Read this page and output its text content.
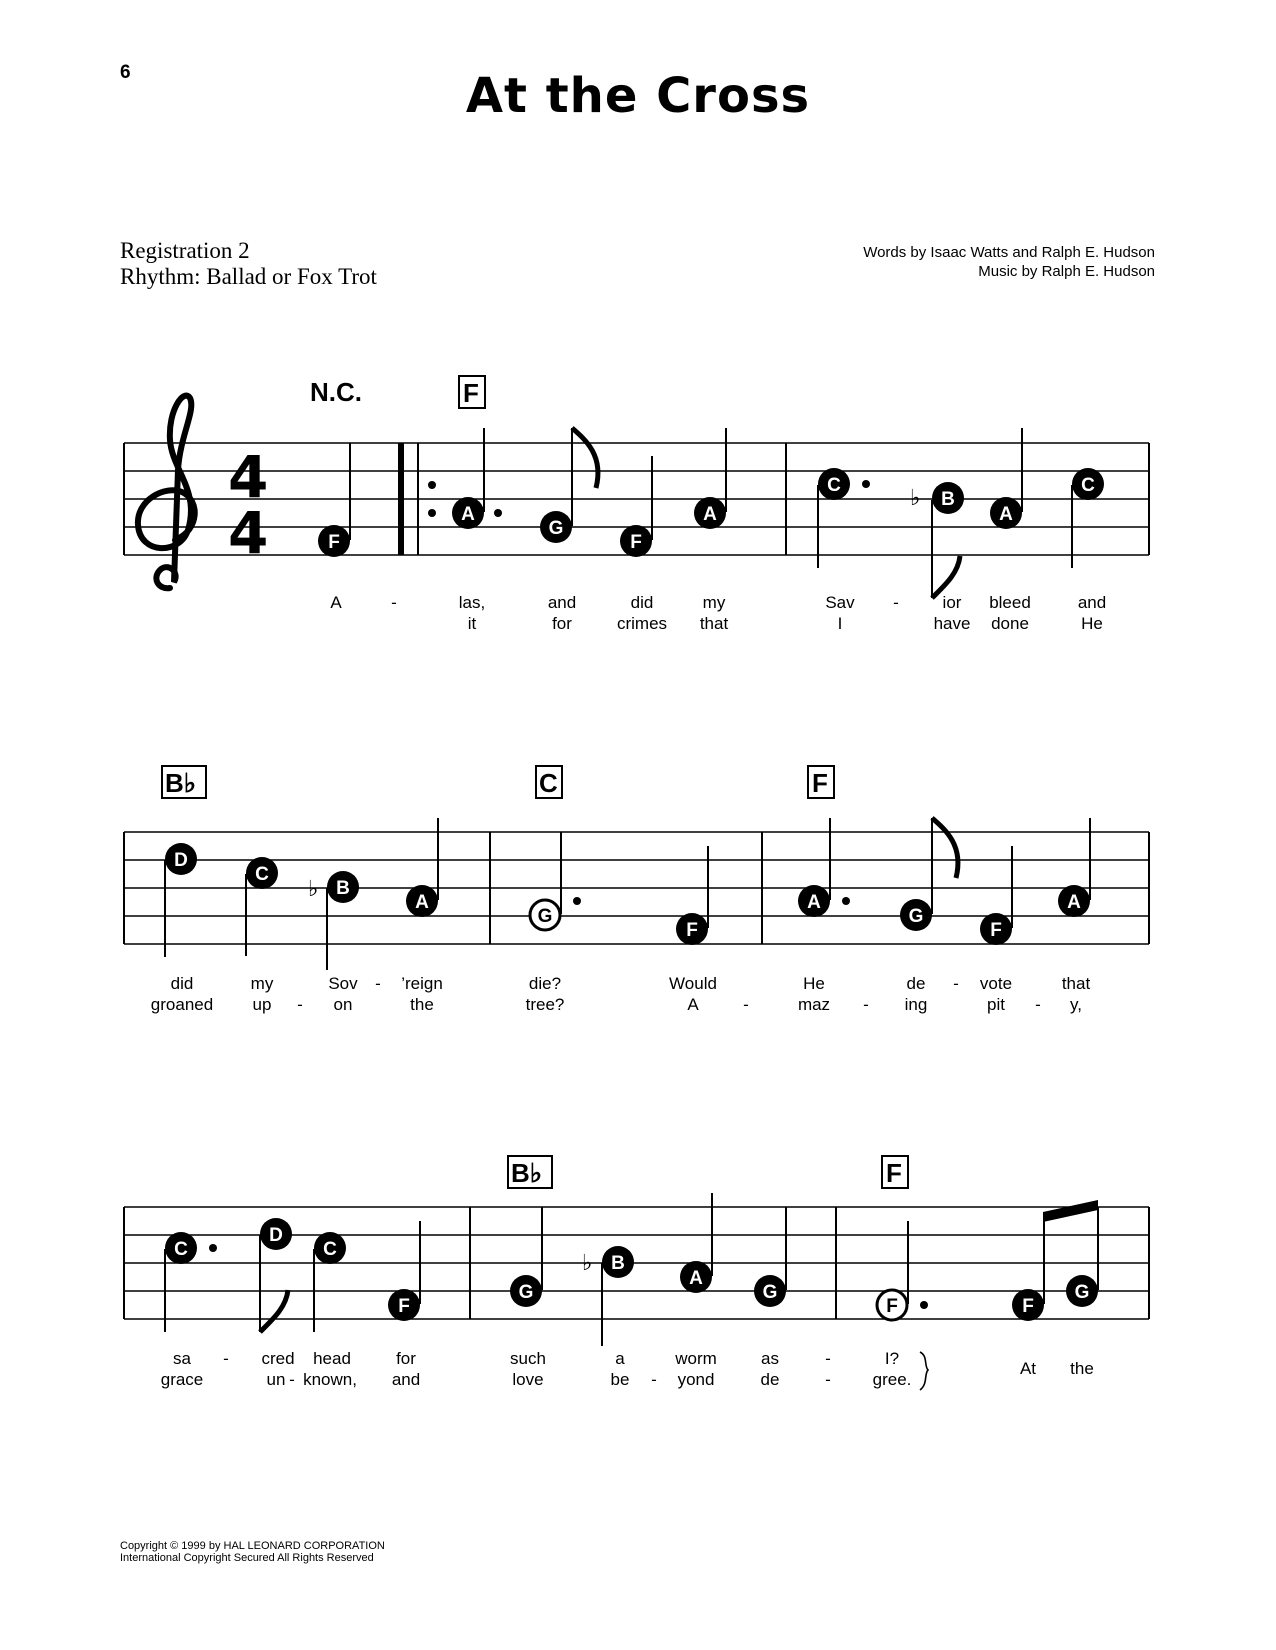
6	At the Cross
Registration 2
Rhythm: Ballad or Fox Trot
Words by Isaac Watts and Ralph E. Hudson
Music by Ralph E. Hudson
4
4
N.C.	F
F
A
G
F
A
C
♭ B
A
C
A	-	las,	and	did	my	Sav -	ior bleed	and
it	for	crimes that	I	have done	He
B♭	C	F
D
C
♭ B
A
G
F
A
G
F
A
did	my	Sov - ’reign	die?	Would	He	de - vote	that
groaned up - on	the	tree?	A	-	maz - ing	pit - y,
B♭	F
C
D
C
F
G
♭ B
A
G
F	F
G
sa - cred head	for	such	a	worm	as	-	I?
At the
grace	un - known, and	love	be - yond	de	- gree.
Copyright © 1999 by HAL LEONARD CORPORATION
International Copyright Secured All Rights Reserved
